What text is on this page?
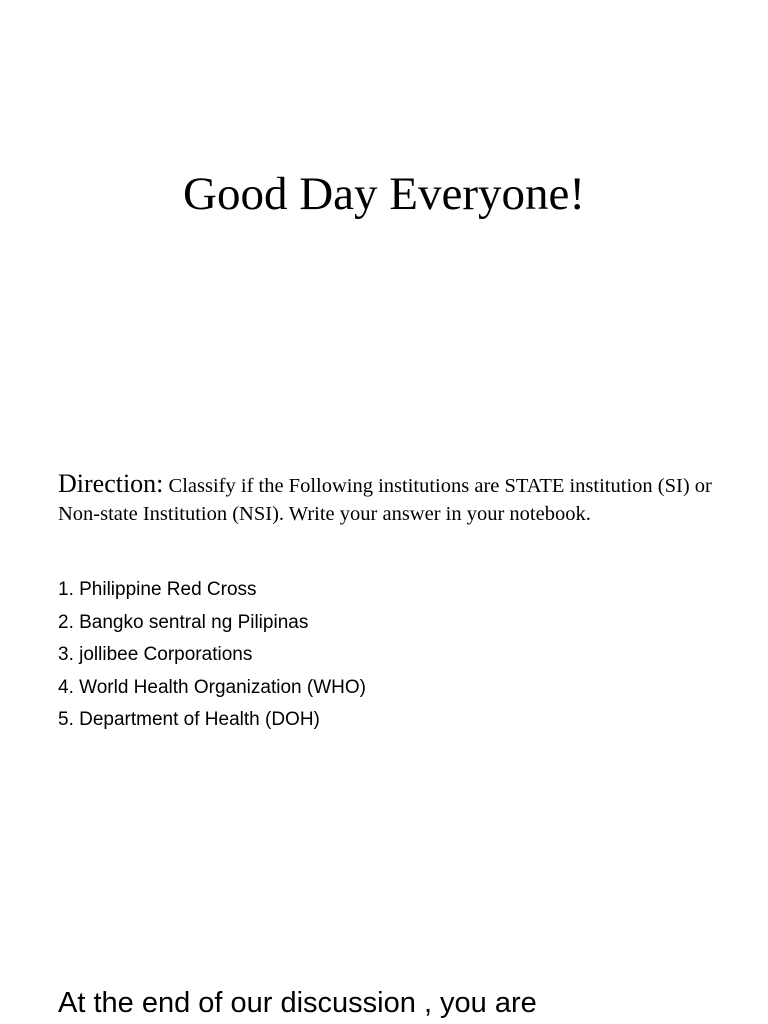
Good Day Everyone!

Direction: Classify if the Following institutions are STATE institution (SI) or Non-state Institution (NSI). Write your answer in your notebook.

1. Philippine Red Cross
2. Bangko sentral ng Pilipinas
3. jollibee Corporations
4. World Health Organization (WHO)
5. Department of Health (DOH)

At the end of our discussion , you are
